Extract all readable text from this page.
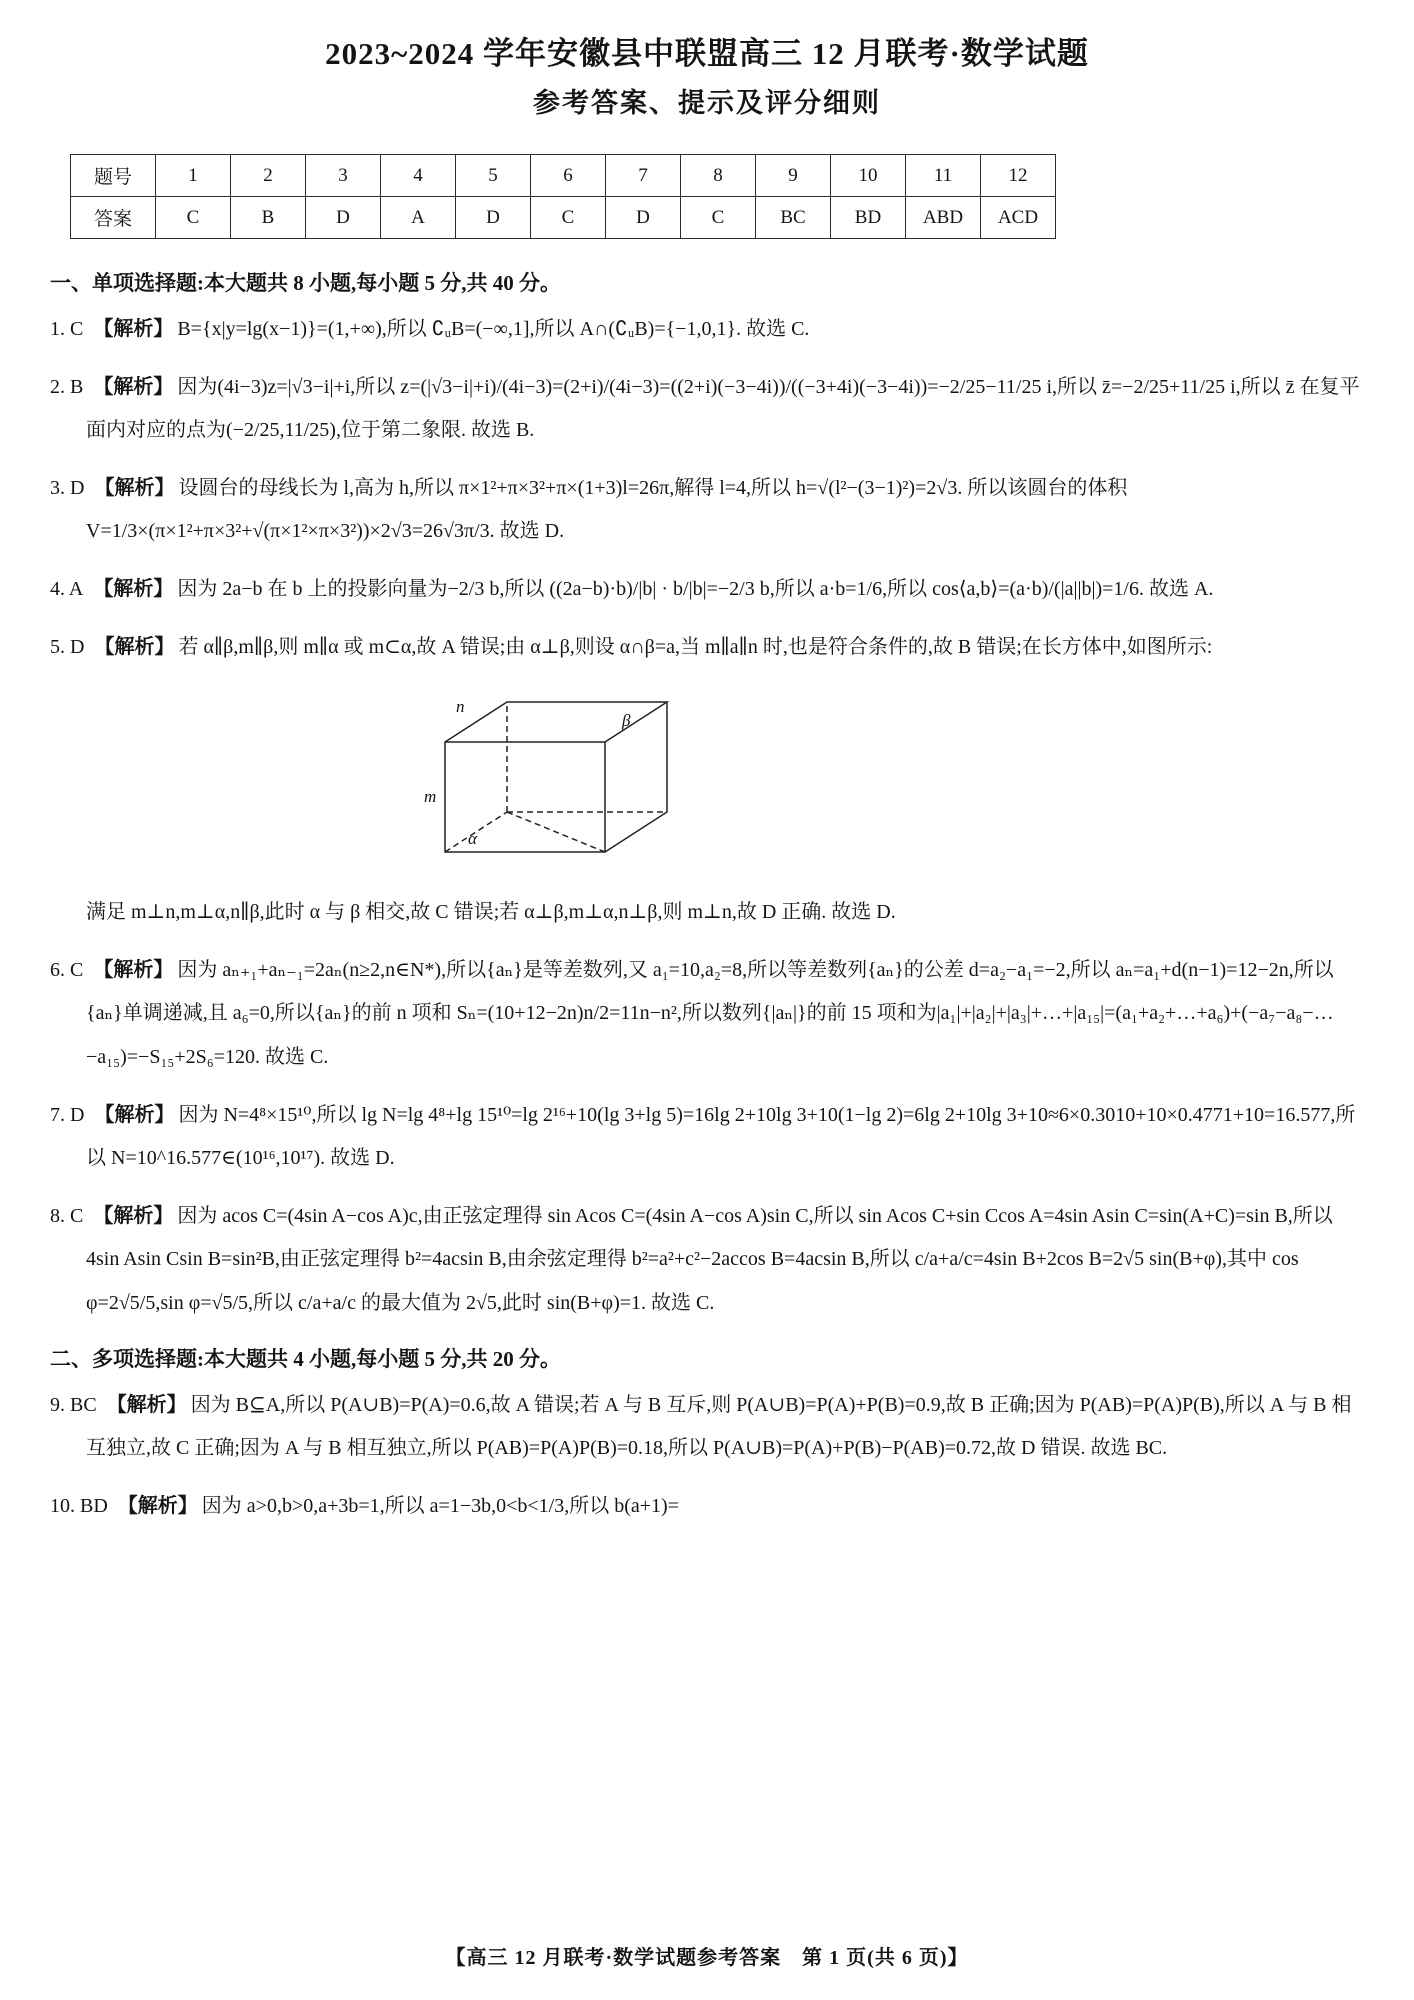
2023~2024 学年安徽县中联盟高三 12 月联考·数学试题
参考答案、提示及评分细则
题号	1	2	3	4	5	6	7	8	9	10	11	12
答案	C	B	D	A	D	C	D	C	BC	BD	ABD	ACD
一、单项选择题:本大题共 8 小题,每小题 5 分,共 40 分。

1. C 【解析】 B={x|y=lg(x−1)}=(1,+∞),所以 ∁ᵤB=(−∞,1],所以 A∩(∁ᵤB)={−1,0,1}. 故选 C.

2. B 【解析】 因为(4i−3)z=|√3−i|+i,所以 z=(|√3−i|+i)/(4i−3)=(2+i)/(4i−3)=((2+i)(−3−4i))/((−3+4i)(−3−4i))=−2/25−11/25 i,所以 z̄=−2/25+11/25 i,所以 z̄ 在复平面内对应的点为(−2/25,11/25),位于第二象限. 故选 B.

3. D 【解析】 设圆台的母线长为 l,高为 h,所以 π×1²+π×3²+π×(1+3)l=26π,解得 l=4,所以 h=√(l²−(3−1)²)=2√3. 所以该圆台的体积 V=1/3×(π×1²+π×3²+√(π×1²×π×3²))×2√3=26√3π/3. 故选 D.

4. A 【解析】 因为 2a−b 在 b 上的投影向量为−2/3 b,所以 ((2a−b)·b)/|b| · b/|b|=−2/3 b,所以 a·b=1/6,所以 cos⟨a,b⟩=(a·b)/(|a||b|)=1/6. 故选 A.

5. D 【解析】 若 α∥β,m∥β,则 m∥α 或 m⊂α,故 A 错误;由 α⊥β,则设 α∩β=a,当 m∥a∥n 时,也是符合条件的,故 B 错误;在长方体中,如图所示:

n
β
m
α

满足 m⊥n,m⊥α,n∥β,此时 α 与 β 相交,故 C 错误;若 α⊥β,m⊥α,n⊥β,则 m⊥n,故 D 正确. 故选 D.

6. C 【解析】 因为 aₙ₊₁+aₙ₋₁=2aₙ(n≥2,n∈N*),所以{aₙ}是等差数列,又 a₁=10,a₂=8,所以等差数列{aₙ}的公差 d=a₂−a₁=−2,所以 aₙ=a₁+d(n−1)=12−2n,所以{aₙ}单调递减,且 a₆=0,所以{aₙ}的前 n 项和 Sₙ=(10+12−2n)n/2=11n−n²,所以数列{|aₙ|}的前 15 项和为|a₁|+|a₂|+|a₃|+…+|a₁₅|=(a₁+a₂+…+a₆)+(−a₇−a₈−…−a₁₅)=−S₁₅+2S₆=120. 故选 C.

7. D 【解析】 因为 N=4⁸×15¹⁰,所以 lg N=lg 4⁸+lg 15¹⁰=lg 2¹⁶+10(lg 3+lg 5)=16lg 2+10lg 3+10(1−lg 2)=6lg 2+10lg 3+10≈6×0.3010+10×0.4771+10=16.577,所以 N=10^16.577∈(10¹⁶,10¹⁷). 故选 D.

8. C 【解析】 因为 acos C=(4sin A−cos A)c,由正弦定理得 sin Acos C=(4sin A−cos A)sin C,所以 sin Acos C+sin Ccos A=4sin Asin C=sin(A+C)=sin B,所以 4sin Asin Csin B=sin²B,由正弦定理得 b²=4acsin B,由余弦定理得 b²=a²+c²−2accos B=4acsin B,所以 c/a+a/c=4sin B+2cos B=2√5 sin(B+φ),其中 cos φ=2√5/5,sin φ=√5/5,所以 c/a+a/c 的最大值为 2√5,此时 sin(B+φ)=1. 故选 C.

二、多项选择题:本大题共 4 小题,每小题 5 分,共 20 分。

9. BC 【解析】 因为 B⊆A,所以 P(A∪B)=P(A)=0.6,故 A 错误;若 A 与 B 互斥,则 P(A∪B)=P(A)+P(B)=0.9,故 B 正确;因为 P(AB)=P(A)P(B),所以 A 与 B 相互独立,故 C 正确;因为 A 与 B 相互独立,所以 P(AB)=P(A)P(B)=0.18,所以 P(A∪B)=P(A)+P(B)−P(AB)=0.72,故 D 错误. 故选 BC.

10. BD 【解析】 因为 a>0,b>0,a+3b=1,所以 a=1−3b,0<b<1/3,所以 b(a+1)=

【高三 12 月联考·数学试题参考答案　第 1 页(共 6 页)】
